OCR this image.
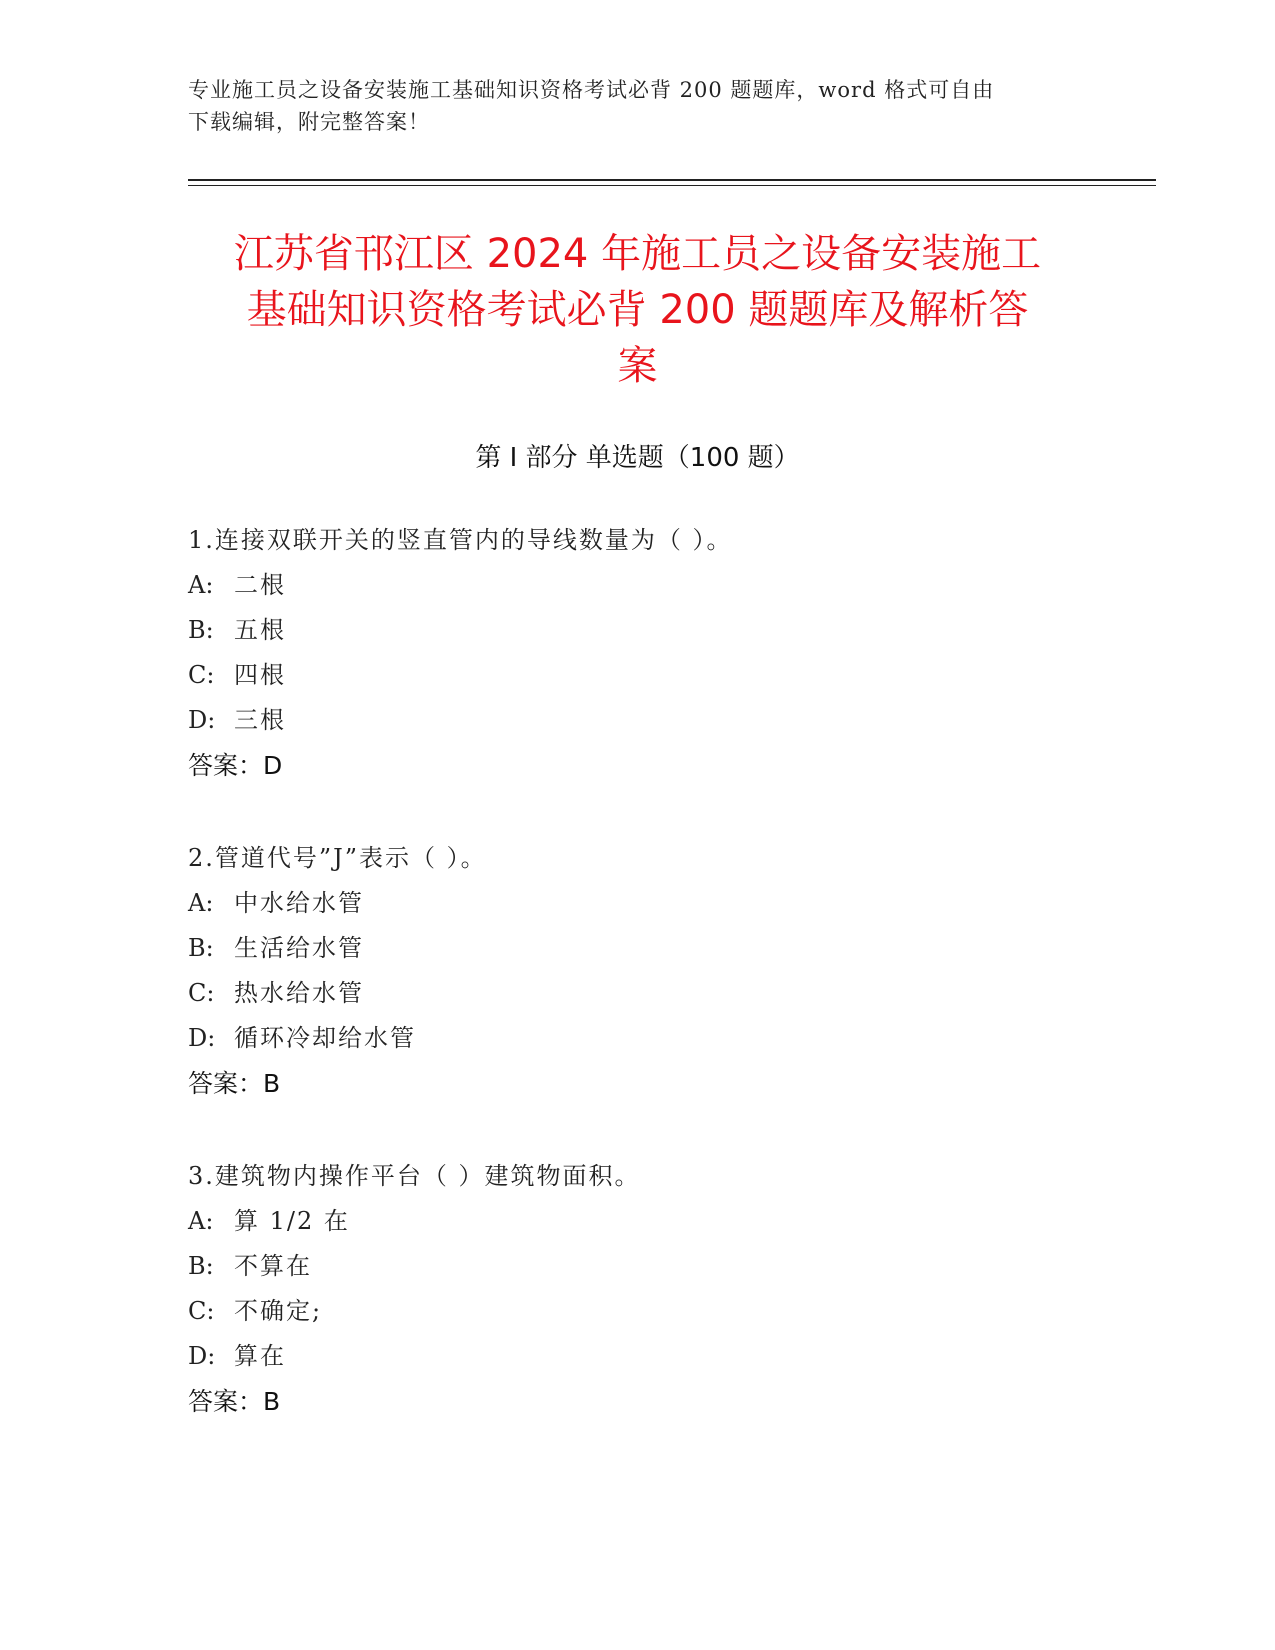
专业施工员之设备安装施工基础知识资格考试必背 200 题题库，word 格式可自由
下载编辑，附完整答案！
江苏省邗江区 2024 年施工员之设备安装施工
基础知识资格考试必背 200 题题库及解析答
案
第 I 部分 单选题（100 题）
1.连接双联开关的竖直管内的导线数量为（ ）。
A: 二根
B: 五根
C: 四根
D: 三根
答案：D
2.管道代号”J”表示（ ）。
A: 中水给水管
B: 生活给水管
C: 热水给水管
D: 循环冷却给水管
答案：B
3.建筑物内操作平台（ ）建筑物面积。
A: 算 1/2 在
B: 不算在
C: 不确定;
D: 算在
答案：B
